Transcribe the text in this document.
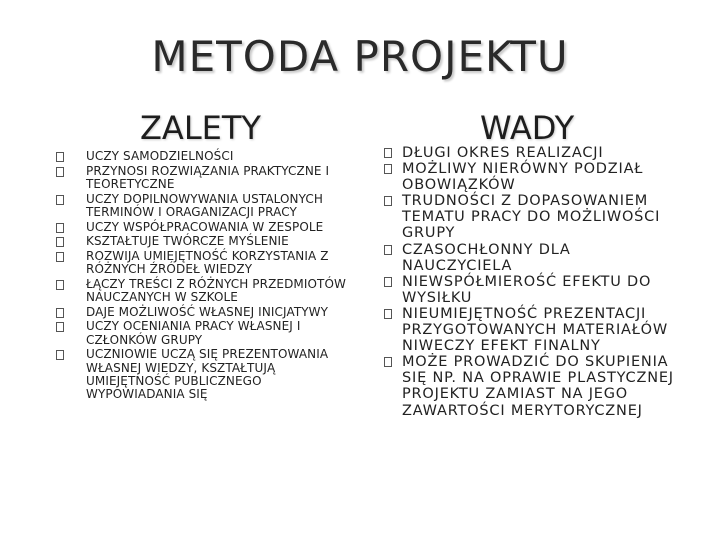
METODA PROJEKTU
ZALETY	WADY
UCZY SAMODZIELNOŚCI
PRZYNOSI ROZWIĄZANIA PRAKTYCZNE I TEORETYCZNE
UCZY DOPILNOWYWANIA USTALONYCH TERMINÓW I ORAGANIZACJI PRACY
UCZY WSPÓŁPRACOWANIA W ZESPOLE
KSZTAŁTUJE TWÓRCZE MYŚLENIE
ROZWIJA UMIEJĘTNOŚĆ KORZYSTANIA Z RÓŻNYCH ŹRÓDEŁ WIEDZY
ŁĄCZY TREŚCI Z RÓŻNYCH PRZEDMIOTÓW NAUCZANYCH W SZKOLE
DAJE MOŻLIWOŚĆ WŁASNEJ INICJATYWY
UCZY OCENIANIA PRACY WŁASNEJ I CZŁONKÓW GRUPY
UCZNIOWIE UCZĄ SIĘ PREZENTOWANIA WŁASNEJ WIEDZY, KSZTAŁTUJĄ UMIEJĘTNOŚĆ PUBLICZNEGO WYPOWIADANIA SIĘ
DŁUGI OKRES REALIZACJI
MOŻLIWY NIERÓWNY PODZIAŁ OBOWIĄZKÓW
TRUDNOŚCI Z DOPASOWANIEM TEMATU PRACY DO MOŻLIWOŚCI GRUPY
CZASOCHŁONNY DLA NAUCZYCIELA
NIEWSPÓŁMIEROŚĆ EFEKTU DO WYSIŁKU
NIEUMIEJĘTNOŚĆ PREZENTACJI PRZYGOTOWANYCH MATERIAŁÓW NIWECZY EFEKT FINALNY
MOŻE PROWADZIĆ DO SKUPIENIA SIĘ NP. NA OPRAWIE PLASTYCZNEJ PROJEKTU ZAMIAST NA JEGO ZAWARTOŚCI MERYTORYCZNEJ
